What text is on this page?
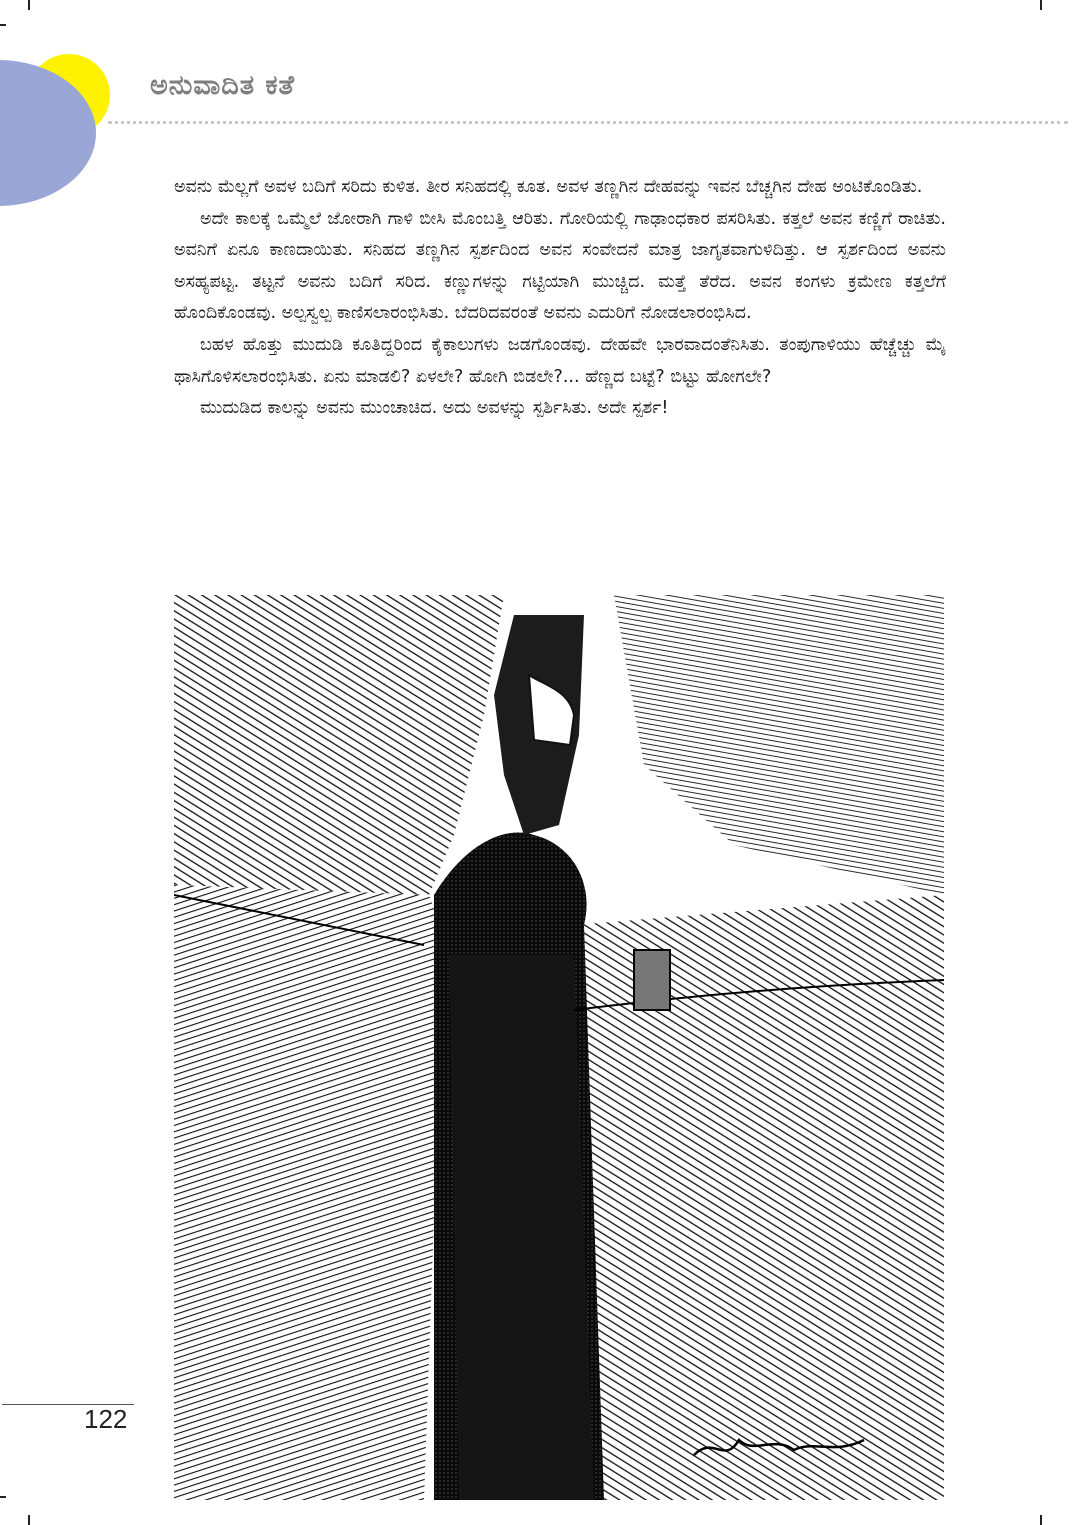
ಅನುವಾದಿತ ಕತೆ

ಅವನು ಮೆಲ್ಲಗೆ ಅವಳ ಬದಿಗೆ ಸರಿದು ಕುಳಿತ. ತೀರ ಸನಿಹದಲ್ಲಿ ಕೂತ. ಅವಳ ತಣ್ಣಗಿನ ದೇಹವನ್ನು ಇವನ ಬೆಚ್ಚಗಿನ ದೇಹ ಅಂಟಿಕೊಂಡಿತು.

ಅದೇ ಕಾಲಕ್ಕೆ ಒಮ್ಮೆಲೆ ಜೋರಾಗಿ ಗಾಳಿ ಬೀಸಿ ಮೊಂಬತ್ತಿ ಆರಿತು. ಗೋರಿಯಲ್ಲಿ ಗಾಢಾಂಧಕಾರ ಪಸರಿಸಿತು. ಕತ್ತಲೆ ಅವನ ಕಣ್ಣಿಗೆ ರಾಚಿತು. ಅವನಿಗೆ ಏನೂ ಕಾಣದಾಯಿತು. ಸನಿಹದ ತಣ್ಣಗಿನ ಸ್ಪರ್ಶದಿಂದ ಅವನ ಸಂವೇದನೆ ಮಾತ್ರ ಜಾಗೃತವಾಗುಳಿದಿತ್ತು. ಆ ಸ್ಪರ್ಶದಿಂದ ಅವನು ಅಸಹ್ಯಪಟ್ಟ. ತಟ್ಟನೆ ಅವನು ಬದಿಗೆ ಸರಿದ. ಕಣ್ಣುಗಳನ್ನು ಗಟ್ಟಿಯಾಗಿ ಮುಚ್ಚಿದ. ಮತ್ತೆ ತೆರೆದ. ಅವನ ಕಂಗಳು ಕ್ರಮೇಣ ಕತ್ತಲೆಗೆ ಹೊಂದಿಕೊಂಡವು. ಅಲ್ಪಸ್ವಲ್ಪ ಕಾಣಿಸಲಾರಂಭಿಸಿತು. ಬೆದರಿದವರಂತೆ ಅವನು ಎದುರಿಗೆ ನೋಡಲಾರಂಭಿಸಿದ.

ಬಹಳ ಹೊತ್ತು ಮುದುಡಿ ಕೂತಿದ್ದರಿಂದ ಕೈಕಾಲುಗಳು ಜಡಗೊಂಡವು. ದೇಹವೇ ಭಾರವಾದಂತೆನಿಸಿತು. ತಂಪುಗಾಳಿಯು ಹೆಚ್ಚೆಚ್ಚು ಮೈ ಥಾಸಿಗೊಳಿಸಲಾರಂಭಿಸಿತು. ಏನು ಮಾಡಲಿ? ಏಳಲೇ? ಹೋಗಿ ಬಿಡಲೇ?... ಹೆಣ್ಣದ ಬಟ್ಟೆ? ಬಿಟ್ಟು ಹೋಗಲೇ?

ಮುದುಡಿದ ಕಾಲನ್ನು ಅವನು ಮುಂಚಾಚಿದ. ಅದು ಅವಳನ್ನು ಸ್ಪರ್ಶಿಸಿತು. ಅದೇ ಸ್ಪರ್ಶ!

122
